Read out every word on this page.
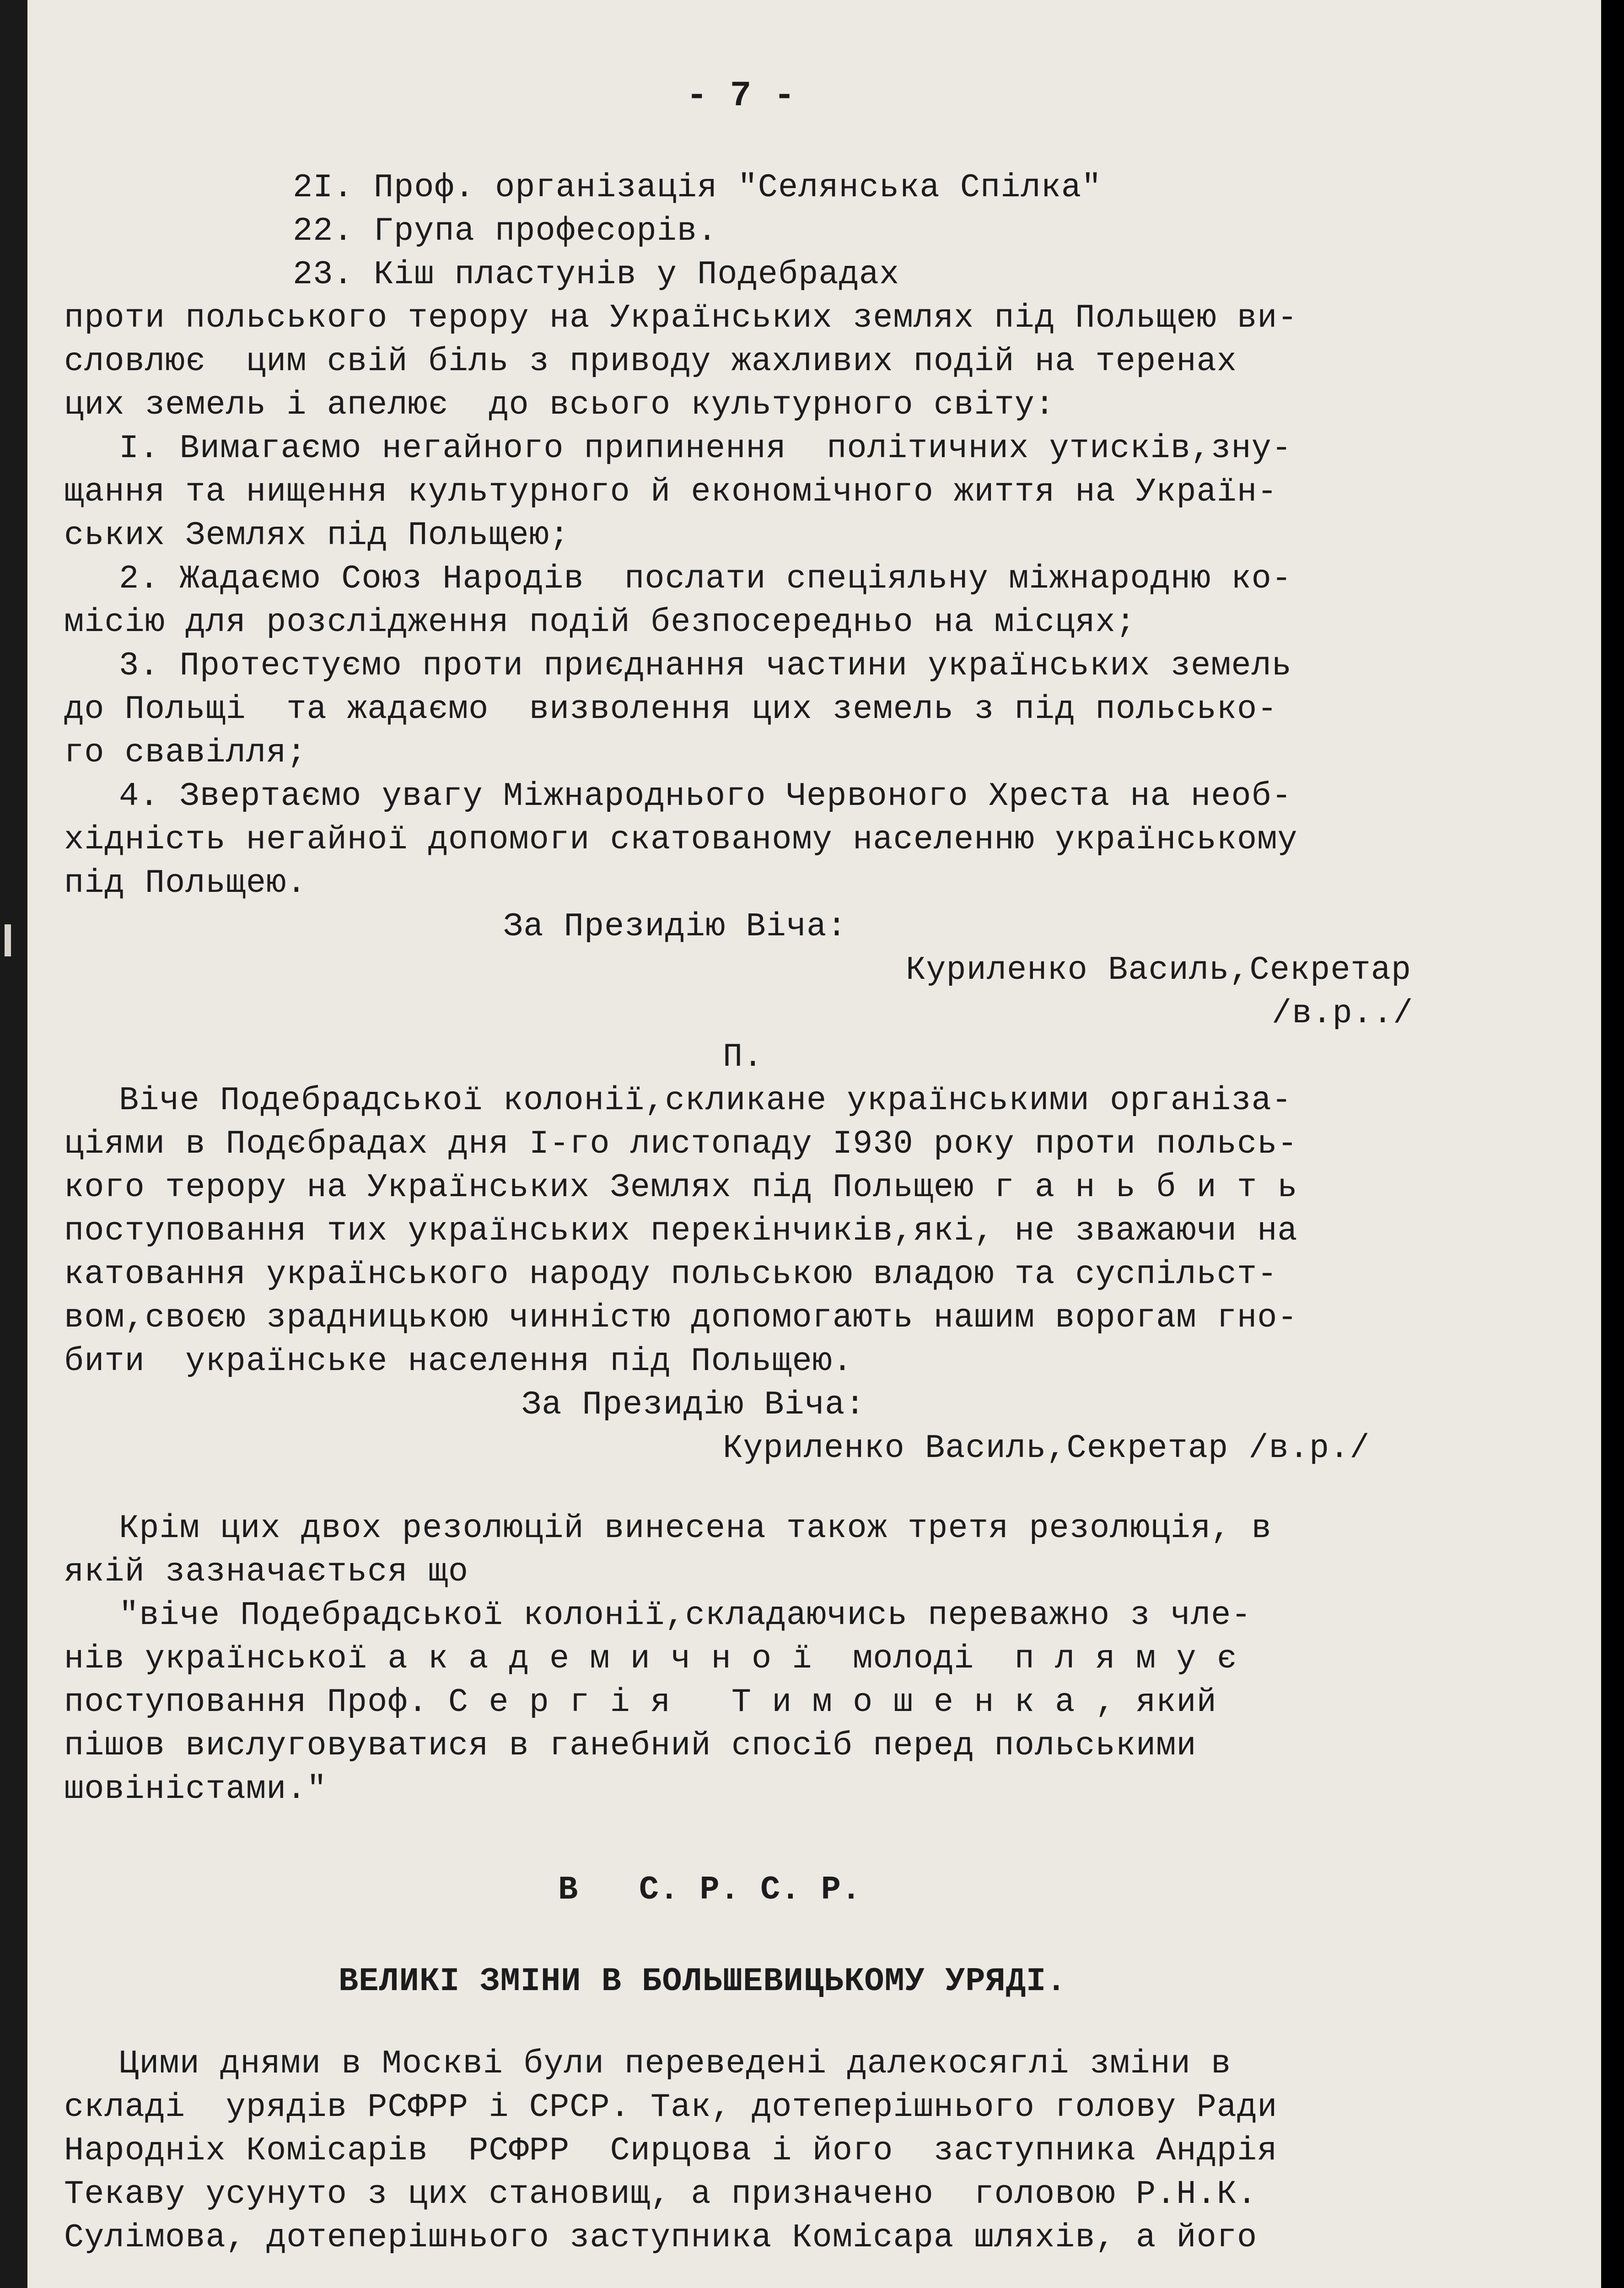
- 7 -
2I. Проф. організація "Селянська Спілка"
22. Група професорів.
23. Кіш пластунів у Подебрадах
проти польського терору на Українських землях під Польщею ви-
словлює  цим свій біль з приводу жахливих подій на теренах
цих земель і апелює  до всього культурного світу:
I. Вимагаємо негайного припинення  політичних утисків,зну-
щання та нищення культурного й економічного життя на Україн-
ських Землях під Польщею;
2. Жадаємо Союз Народів  послати спеціяльну міжнародню ко-
місію для розслідження подій безпосередньо на місцях;
3. Протестуємо проти приєднання частини українських земель
до Польщі  та жадаємо  визволення цих земель з під польсько-
го свавілля;
4. Звертаємо увагу Міжнароднього Червоного Хреста на необ-
хідність негайної допомоги скатованому населенню українському
під Польщею.
За Президію Віча:
Куриленко Василь,Секретар
/в.р../
П.
Віче Подебрадської колонії,скликане українськими організа-
ціями в Подєбрадах дня I-го листопаду I930 року проти польсь-
кого терору на Українських Землях під Польщею г а н ь б и т ь
поступовання тих українських перекінчиків,які, не зважаючи на
катовання українського народу польською владою та суспільст-
вом,своєю зрадницькою чинністю допомогають нашим ворогам гно-
бити  українське населення під Польщею.
За Президію Віча:
Куриленко Василь,Секретар /в.р./
Крім цих двох резолюцій винесена також третя резолюція, в
якій зазначається що
"віче Подебрадської колонії,складаючись переважно з чле-
нів української а к а д е м и ч н о ї  молоді  п л я м у є
поступовання Проф. С е р г і я   Т и м о ш е н к а , який
пішов вислуговуватися в ганебний спосіб перед польськими
шовіністами."
В   С. Р. С. Р.
ВЕЛИКІ ЗМІНИ В БОЛЬШЕВИЦЬКОМУ УРЯДІ.
Цими днями в Москві були переведені далекосяглі зміни в
складі  урядів РСФРР і СРСР. Так, дотеперішнього голову Ради
Народніх Комісарів  РСФРР  Сирцова і його  заступника Андрія
Текаву усунуто з цих становищ, а призначено  головою Р.Н.К.
Сулімова, дотеперішнього заступника Комісара шляхів, а його
